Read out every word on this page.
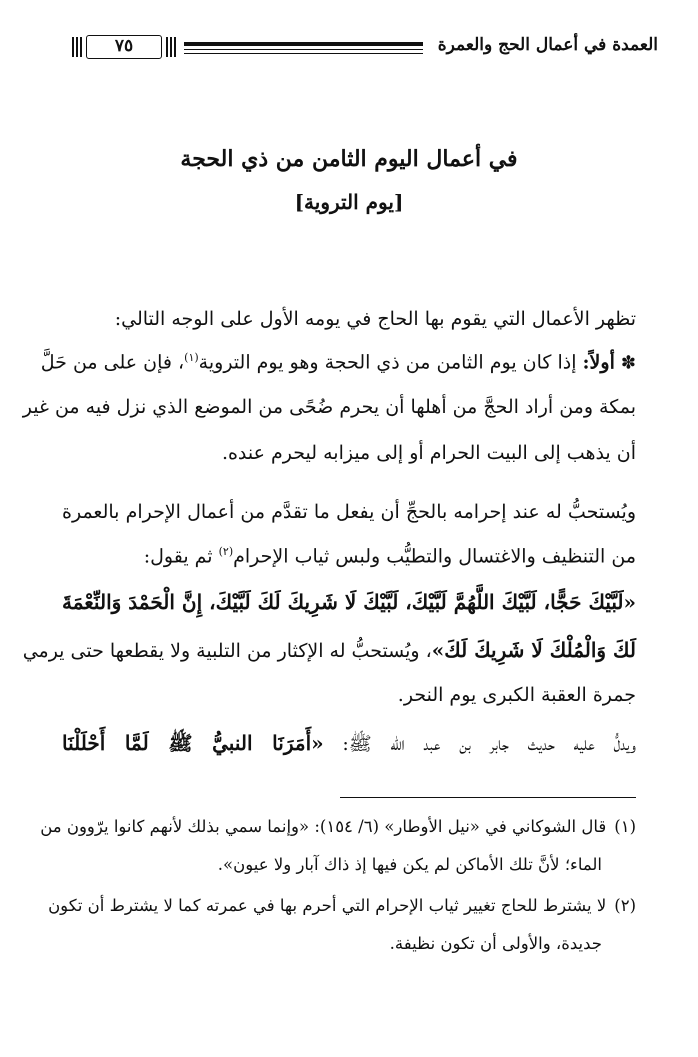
العمدة في أعمال الحج والعمرة
٧٥
في أعمال اليوم الثامن من ذي الحجة
[يوم التروية]
تظهر الأعمال التي يقوم بها الحاج في يومه الأول على الوجه التالي:
✽ أولاً: إذا كان يوم الثامن من ذي الحجة وهو يوم التروية$^{(١)}$، فإن على من حَلَّ
بمكة ومن أراد الحجَّ من أهلها أن يحرم ضُحًى من الموضع الذي نزل فيه من غير
أن يذهب إلى البيت الحرام أو إلى ميزابه ليحرم عنده.
ويُستحبُّ له عند إحرامه بالحجِّ أن يفعل ما تقدَّم من أعمال الإحرام بالعمرة
من التنظيف والاغتسال والتطيُّب ولبس ثياب الإحرام$^{(٢)}$ ثم يقول:
«لَبَّيْكَ حَجًّا، لَبَّيْكَ اللَّهُمَّ لَبَّيْكَ، لَبَّيْكَ لَا شَرِيكَ لَكَ لَبَّيْكَ، إِنَّ الْحَمْدَ وَالنِّعْمَةَ
لَكَ وَالْمُلْكَ لَا شَرِيكَ لَكَ»، ويُستحبُّ له الإكثار من التلبية ولا يقطعها حتى يرمي
جمرة العقبة الكبرى يوم النحر.
ويدلُّ عليه حديث جابر بن عبد الله ﷺ: «أَمَرَنَا النبيُّ ﷺ لَمَّا أَحْلَلْنَا
(١)قال الشوكاني في «نيل الأوطار» (٦/ ١٥٤): «وإنما سمي بذلك لأنهم كانوا يرّوون من
الماء؛ لأنَّ تلك الأماكن لم يكن فيها إذ ذاك آبار ولا عيون».
(٢)لا يشترط للحاج تغيير ثياب الإحرام التي أحرم بها في عمرته كما لا يشترط أن تكون
جديدة، والأولى أن تكون نظيفة.
